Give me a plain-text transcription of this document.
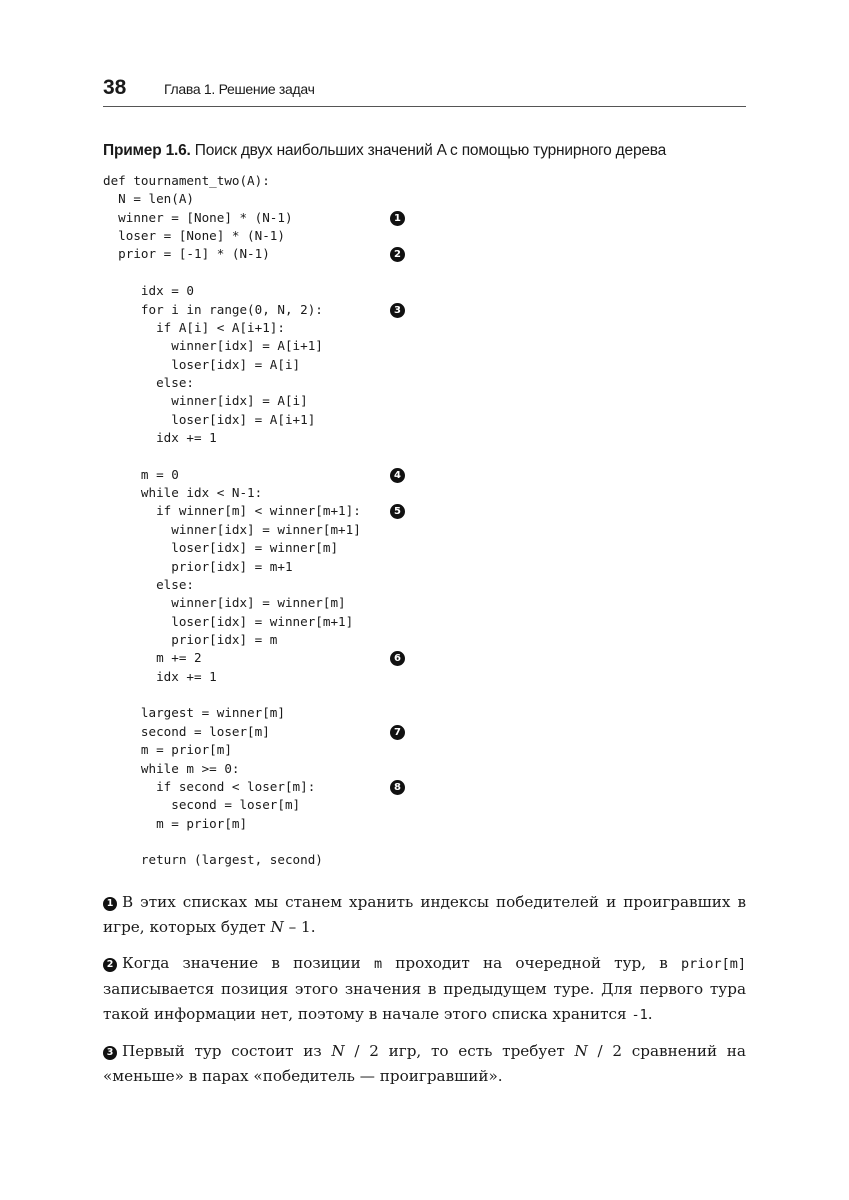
38	Глава 1. Решение задач
Пример 1.6. Поиск двух наибольших значений A с помощью турнирного дерева
def tournament_two(A):
N = len(A)
winner = [None] * (N-1)
loser = [None] * (N-1)
prior = [-1] * (N-1)
idx = 0
for i in range(0, N, 2):
if A[i] < A[i+1]:
winner[idx] = A[i+1]
loser[idx] = A[i]
else:
winner[idx] = A[i]
loser[idx] = A[i+1]
idx += 1
m = 0
while idx < N-1:
if winner[m] < winner[m+1]:
winner[idx] = winner[m+1]
loser[idx] = winner[m]
prior[idx] = m+1
else:
winner[idx] = winner[m]
loser[idx] = winner[m+1]
prior[idx] = m
m += 2
idx += 1
largest = winner[m]
second = loser[m]
m = prior[m]
while m >= 0:
if second < loser[m]:
second = loser[m]
m = prior[m]
return (largest, second)

1 В этих списках мы станем хранить индексы победителей и проигравших в игре, которых будет N – 1.

2 Когда значение в позиции m проходит на очередной тур, в prior[m] записывается позиция этого значения в предыдущем туре. Для первого тура такой информации нет, поэтому в начале этого списка хранится -1.

3 Первый тур состоит из N / 2 игр, то есть требует N / 2 сравнений на «меньше» в парах «победитель — проигравший».

1
2
3
4
5
6
7
8
